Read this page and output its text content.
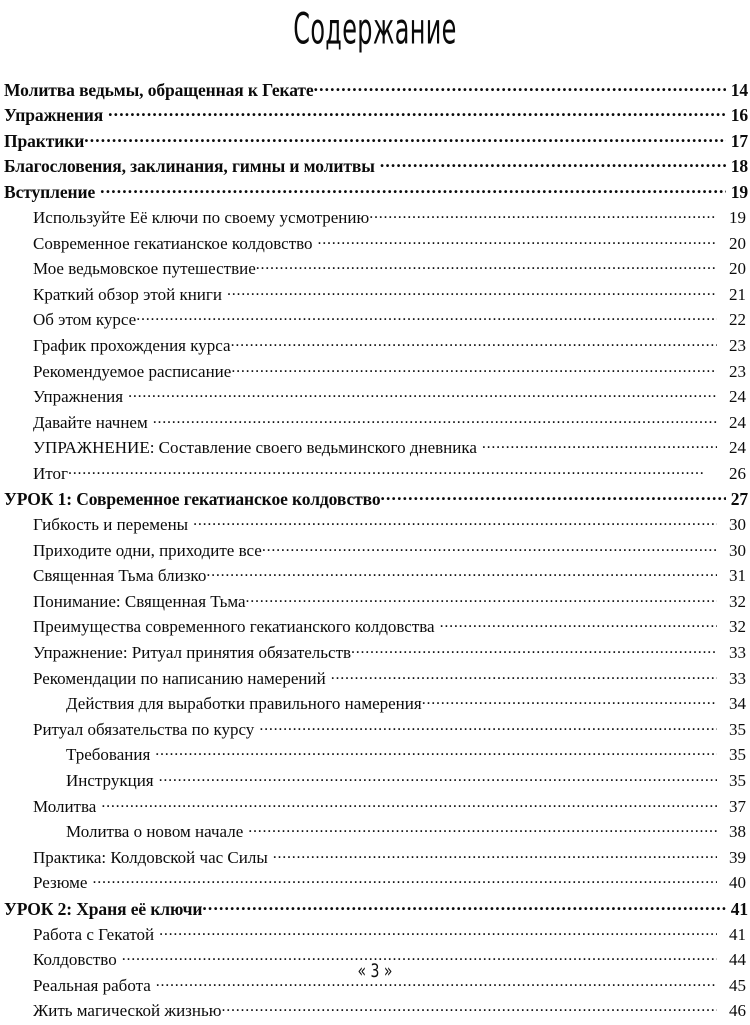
Содержание
Молитва ведьмы, обращенная к Гекате .....	14
Упражнения .....	16
Практики .....	17
Благословения, заклинания, гимны и молитвы .....	18
Вступление .....	19
Используйте Её ключи по своему усмотрению .....	19
Современное гекатианское колдовство .....	20
Мое ведьмовское путешествие .....	20
Краткий обзор этой книги .....	21
Об этом курсе .....	22
График прохождения курса .....	23
Рекомендуемое расписание .....	23
Упражнения .....	24
Давайте начнем .....	24
УПРАЖНЕНИЕ: Составление своего ведьминского дневника .....	24
Итог .....	26
УРОК 1: Современное гекатианское колдовство .....	27
Гибкость и перемены .....	30
Приходите одни, приходите все .....	30
Священная Тьма близко .....	31
Понимание: Священная Тьма .....	32
Преимущества современного гекатианского колдовства .....	32
Упражнение: Ритуал принятия обязательств .....	33
Рекомендации по написанию намерений .....	33
Действия для выработки правильного намерения .....	34
Ритуал обязательства по курсу .....	35
Требования .....	35
Инструкция .....	35
Молитва .....	37
Молитва о новом начале .....	38
Практика: Колдовской час Силы .....	39
Резюме .....	40
УРОК 2: Храня её ключи .....	41
Работа с Гекатой .....	41
Колдовство .....	44
Реальная работа .....	45
Жить магической жизнью .....	46
« 3 »
